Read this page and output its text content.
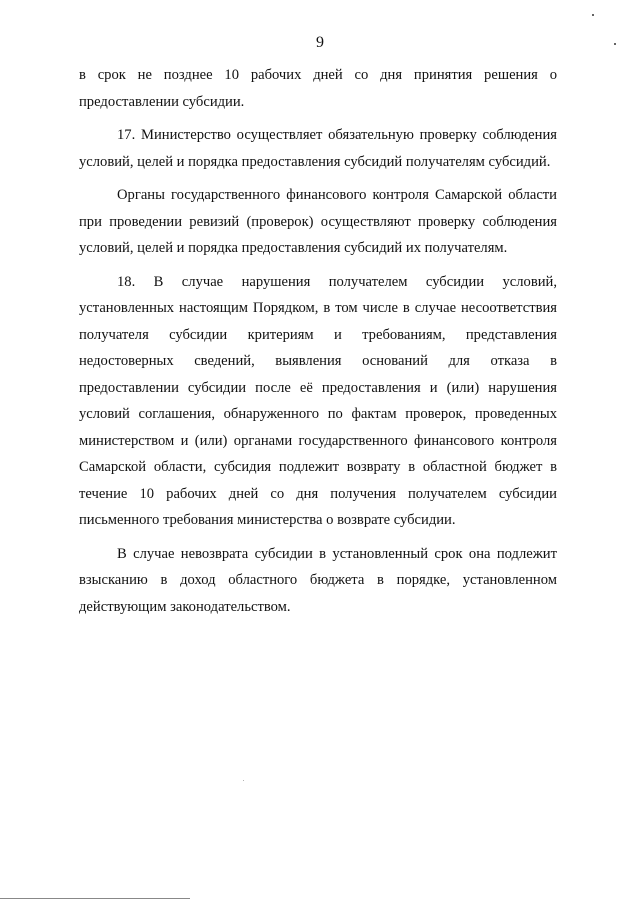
9

в срок не позднее 10 рабочих дней со дня принятия решения о предоставлении субсидии.

17. Министерство осуществляет обязательную проверку соблюдения условий, целей и порядка предоставления субсидий получателям субсидий.

Органы государственного финансового контроля Самарской области при проведении ревизий (проверок) осуществляют проверку соблюдения условий, целей и порядка предоставления субсидий их получателям.

18. В случае нарушения получателем субсидии условий, установленных настоящим Порядком, в том числе в случае несоответствия получателя субсидии критериям и требованиям, представления недостоверных сведений, выявления оснований для отказа в предоставлении субсидии после её предоставления и (или) нарушения условий соглашения, обнаруженного по фактам проверок, проведенных министерством и (или) органами государственного финансового контроля Самарской области, субсидия подлежит возврату в областной бюджет в течение 10 рабочих дней со дня получения получателем субсидии письменного требования министерства о возврате субсидии.

В случае невозврата субсидии в установленный срок она подлежит взысканию в доход областного бюджета в порядке, установленном действующим законодательством.
